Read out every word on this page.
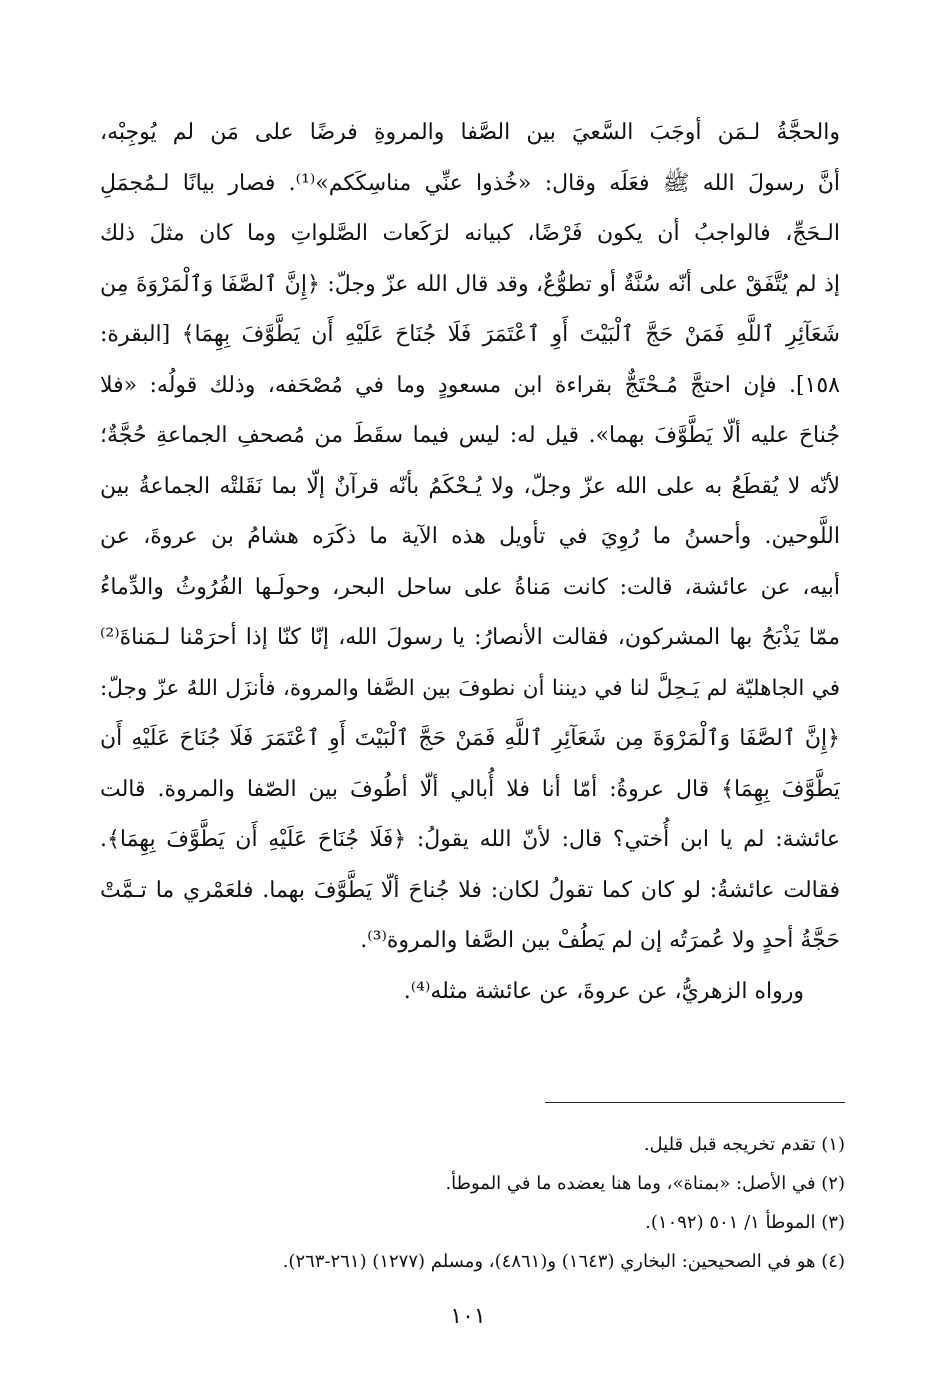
والحجَّةُ لـمَن أوجَبَ السَّعيَ بين الصَّفا والمروةِ فرضًا على مَن لم يُوجِبْه،
أنَّ رسولَ الله ﷺ فعَلَه وقال: «خُذوا عنِّي مناسِكَكم»⁽¹⁾. فصار بيانًا لـمُجمَلِ
الـحَجِّ، فالواجبُ أن يكون فَرْضًا، كبيانه لرَكَعات الصَّلواتِ وما كان مثلَ ذلك
إذ لم يُتَّفَقْ على أنّه سُنَّةٌ أو تطوُّعٌ، وقد قال الله عزّ وجلّ: ﴿إِنَّ ٱلصَّفَا وَٱلْمَرْوَةَ مِن
شَعَآئِرِ ٱللَّهِ فَمَنْ حَجَّ ٱلْبَيْتَ أَوِ ٱعْتَمَرَ فَلَا جُنَاحَ عَلَيْهِ أَن يَطَّوَّفَ بِهِمَا﴾ [البقرة:
١٥٨]. فإن احتجَّ مُـحْتَجٌّ بقراءة ابن مسعودٍ وما في مُصْحَفه، وذلك قولُه: «فلا
جُناحَ عليه ألّا يَطَّوَّفَ بهما». قيل له: ليس فيما سقَطَ من مُصحفِ الجماعةِ حُجَّةٌ؛
لأنّه لا يُقطَعُ به على الله عزّ وجلّ، ولا يُـحْكَمُ بأنّه قرآنٌ إلّا بما نَقَلتْه الجماعةُ بين
اللَّوحين. وأحسنُ ما رُوِيَ في تأويل هذه الآية ما ذكَرَه هشامُ بن عروةَ، عن
أبيه، عن عائشة، قالت: كانت مَناةُ على ساحل البحر، وحولَـها الفُرُوثُ والدِّماءُ
ممّا يَذْبَحُ بها المشركون، فقالت الأنصارُ: يا رسولَ الله، إنّا كنّا إذا أحرَمْنا لـمَناةَ⁽²⁾
في الجاهليّة لم يَـحِلَّ لنا في ديننا أن نطوفَ بين الصَّفا والمروة، فأنزَل اللهُ عزّ وجلّ:
﴿إِنَّ ٱلصَّفَا وَٱلْمَرْوَةَ مِن شَعَآئِرِ ٱللَّهِ فَمَنْ حَجَّ ٱلْبَيْتَ أَوِ ٱعْتَمَرَ فَلَا جُنَاحَ عَلَيْهِ أَن
يَطَّوَّفَ بِهِمَا﴾ قال عروةُ: أمّا أنا فلا أُبالي ألّا أطُوفَ بين الصّفا والمروة. قالت
عائشة: لم يا ابن أُختي؟ قال: لأنّ الله يقولُ: ﴿فَلَا جُنَاحَ عَلَيْهِ أَن يَطَّوَّفَ بِهِمَا﴾.
فقالت عائشةُ: لو كان كما تقولُ لكان: فلا جُناحَ ألّا يَطَّوَّفَ بهما. فلعَمْري ما تـمَّتْ
حَجَّةُ أحدٍ ولا عُمرَتُه إن لم يَطُفْ بين الصَّفا والمروة⁽³⁾.
ورواه الزهريُّ، عن عروةَ، عن عائشة مثله⁽⁴⁾.
(١) تقدم تخريجه قبل قليل.
(٢) في الأصل: «بمناة»، وما هنا يعضده ما في الموطأ.
(٣) الموطأ ١/ ٥٠١ (١٠٩٢).
(٤) هو في الصحيحين: البخاري (١٦٤٣) و(٤٨٦١)، ومسلم (١٢٧٧) (٢٦١-٢٦٣).
١٠١
